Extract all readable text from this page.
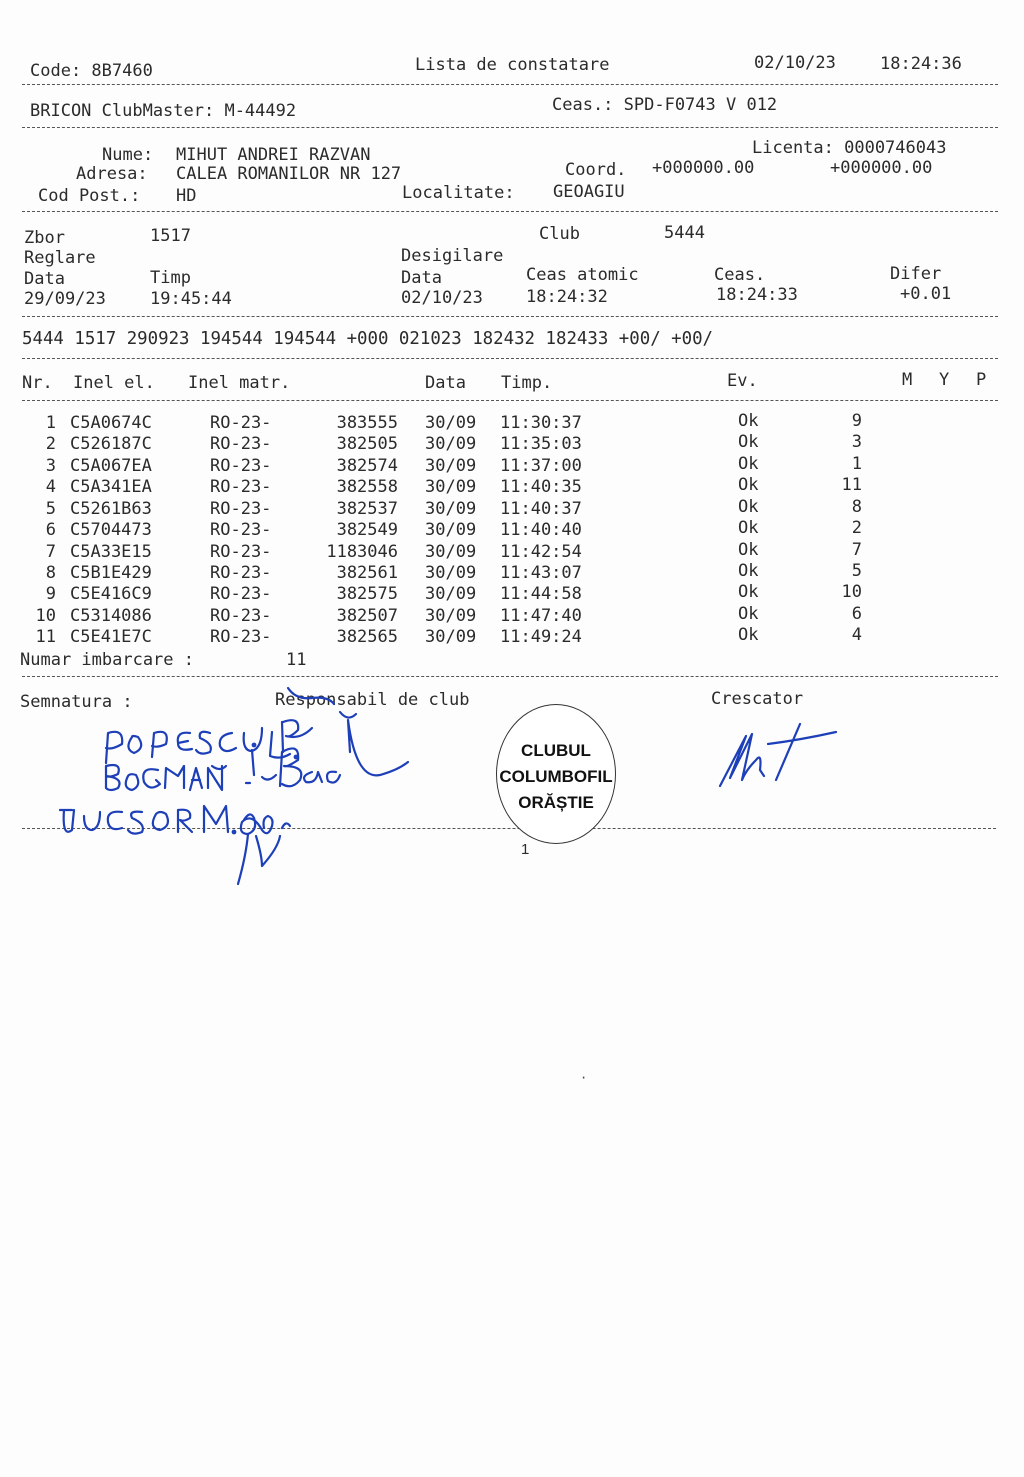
Code: 8B7460	Lista de constatare	02/10/23	18:24:36
BRICON ClubMaster: M-44492	Ceas.: SPD-F0743 V 012
Nume: MIHUT ANDREI RAZVAN	Licenta: 0000746043
Adresa: CALEA ROMANILOR NR 127	Coord. +000000.00	+000000.00
Cod Post.: HD	Localitate: GEOAGIU
Zbor	1517	Club	5444
Reglare	Desigilare
Data	Timp	Data	Ceas atomic	Ceas.	Difer
29/09/23	19:45:44	02/10/23	18:24:32	18:24:33	+0.01
5444 1517 290923 194544 194544 +000 021023 182432 182433 +00/ +00/
Nr. Inel el. Inel matr.	Data Timp.	Ev.	M Y P
1 C5A0674C	RO-23-	383555 30/09 11:30:37	Ok	9
2 C526187C	RO-23-	382505 30/09 11:35:03	Ok	3
3 C5A067EA	RO-23-	382574 30/09 11:37:00	Ok	1
4 C5A341EA	RO-23-	382558 30/09 11:40:35	Ok	11
5 C5261B63	RO-23-	382537 30/09 11:40:37	Ok	8
6 C5704473	RO-23-	382549 30/09 11:40:40	Ok	2
7 C5A33E15	RO-23-	1183046 30/09 11:42:54	Ok	7
8 C5B1E429	RO-23-	382561 30/09 11:43:07	Ok	5
9 C5E416C9	RO-23-	382575 30/09 11:44:58	Ok	10
10 C5314086	RO-23-	382507 30/09 11:47:40	Ok	6
11 C5E41E7C	RO-23-	382565 30/09 11:49:24	Ok	4
Numar imbarcare :	11
Semnatura :	Responsabil de club	Crescator
CLUBUL
COLUMBOFIL
ORĂȘTIE
1
·
